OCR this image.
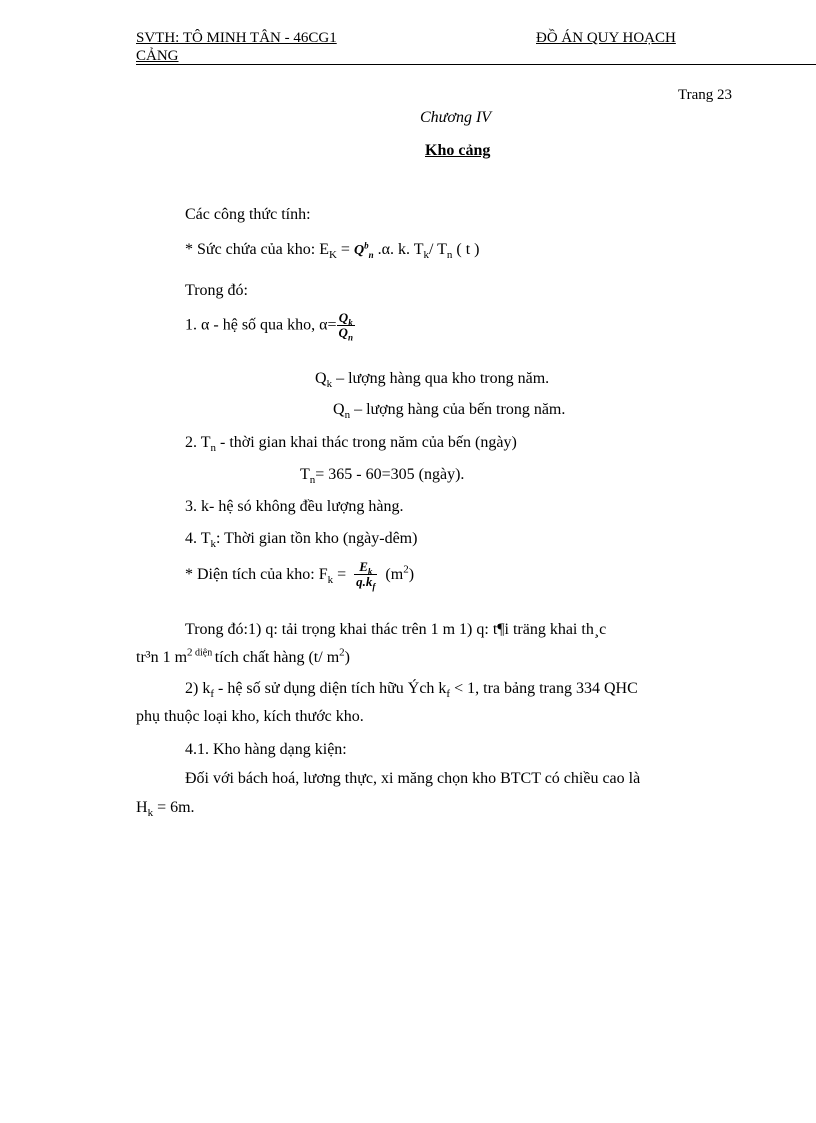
SVTH: TÔ MINH TÂN - 46CG1	ĐỒ ÁN QUY HOẠCH
CẢNG
Trang 23
Chương IV
Kho cảng
Các công thức tính:
* Sức chứa của kho: $E_K = Q^b_n$ .α. k. $T_k/$ $T_n$ ( t )
Trong đó:
1. α - hệ số qua kho, $\alpha= \frac{Q_k}{Q_n}$
$Q_k$ – lượng hàng qua kho trong năm.
$Q_n$ – lượng hàng của bến trong năm.
2. $T_n$ - thời gian khai thác trong năm của bến (ngày)
$T_n= 365 - 60=305$ (ngày).
3. k- hệ só không đều lượng hàng.
4. $T_k$: Thời gian tồn kho (ngày-dêm)
* Diện tích của kho: $F_k = \frac{E_k}{q.k_f} (m^2)$
Trong đó:1) q: tải trọng khai thác trên 1 m 1) q: t¶i träng khai th¸c
tr³n 1 $m^2$ $^{diện}$ tích chất hàng (t/ $m^2$)
2) $k_f$ - hệ số sử dụng diện tích hữu Ých $k_f < 1$, tra bảng trang 334 QHC
phụ thuộc loại kho, kích thước kho.
4.1. Kho hàng dạng kiện:
Đối với bách hoá, lương thực, xi măng chọn kho BTCT có chiều cao là
$H_k = 6m$.
